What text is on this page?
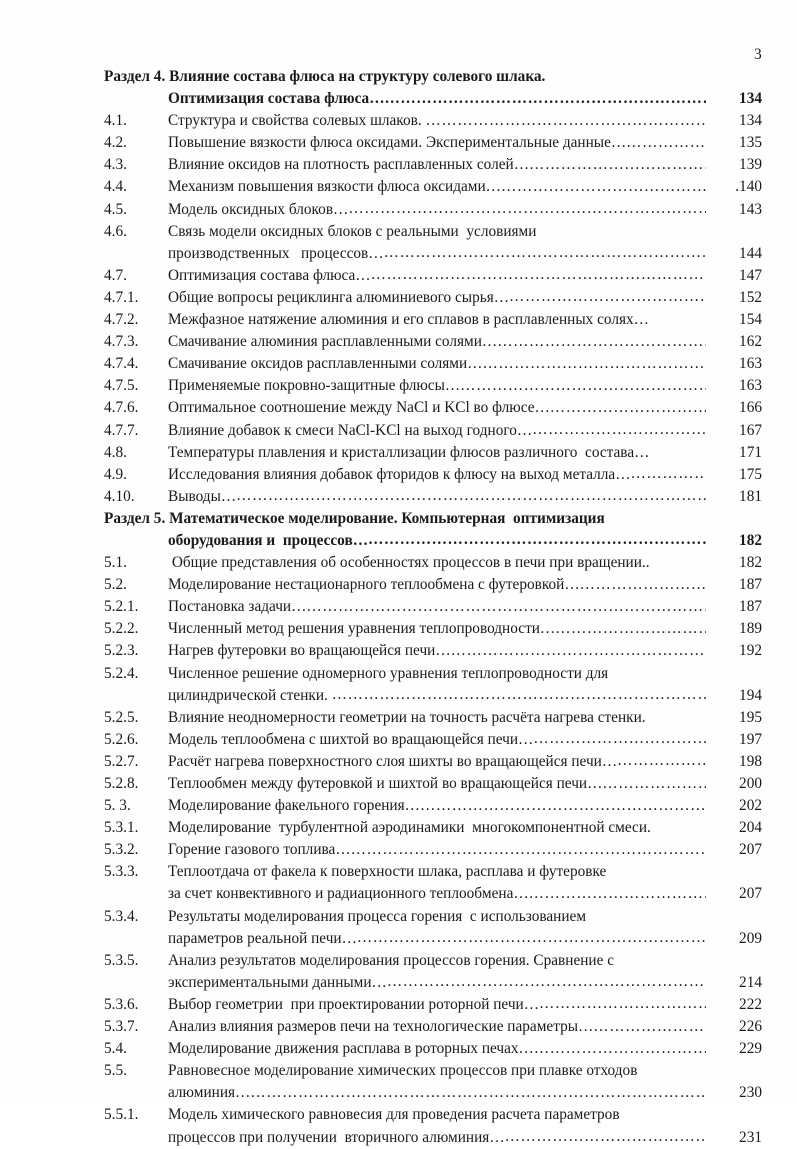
3
Раздел 4. Влияние состава флюса на структуру солевого шлака.
Оптимизация состава флюса… …………………………………………………………………………………………………………………………	134
4.1.	Структура и свойства солевых шлаков. …………………………………………………………………………………………………………………………	134
4.2.	Повышение вязкости флюса оксидами. Экспериментальные данные… …………………………………………………………………………………………………………………………	135
4.3.	Влияние оксидов на плотность расплавленных солей… …………………………………………………………………………………………………………………………	139
4.4.	Механизм повышения вязкости флюса оксидами… …………………………………………………………………………………………………………………………	.140
4.5.	Модель оксидных блоков… …………………………………………………………………………………………………………………………	143
4.6.	Связь модели оксидных блоков с реальными  условиями
производственных   процессов… …………………………………………………………………………………………………………………………	144
4.7.	Оптимизация состава флюса… …………………………………………………………………………………………………………………………	147
4.7.1.	Общие вопросы рециклинга алюминиевого сырья… …………………………………………………………………………………………………………………………	152
4.7.2.	Межфазное натяжение алюминия и его сплавов в расплавленных солях…	154
4.7.3.	Смачивание алюминия расплавленными солями… …………………………………………………………………………………………………………………………	162
4.7.4.	Смачивание оксидов расплавленными солями… …………………………………………………………………………………………………………………………	163
4.7.5.	Применяемые покровно-защитные флюсы… …………………………………………………………………………………………………………………………	163
4.7.6.	Оптимальное соотношение между NaCl и KCl во флюсе… …………………………………………………………………………………………………………………………	166
4.7.7.	Влияние добавок к смеси NaCl-KCl на выход годного… …………………………………………………………………………………………………………………………	167
4.8.	Температуры плавления и кристаллизации флюсов различного  состава…	171
4.9.	Исследования влияния добавок фторидов к флюсу на выход металла… …………………………………………………………………………………………………………………………	175
4.10.	Выводы… …………………………………………………………………………………………………………………………	181
Раздел 5. Математическое моделирование. Компьютерная  оптимизация
оборудования и  процессов… …………………………………………………………………………………………………………………………	182
5.1.	Общие представления об особенностях процессов в печи при вращении..	182
5.2.	Моделирование нестационарного теплообмена с футеровкой… …………………………………………………………………………………………………………………………	187
5.2.1.	Постановка задачи… …………………………………………………………………………………………………………………………	187
5.2.2.	Численный метод решения уравнения теплопроводности… …………………………………………………………………………………………………………………………	189
5.2.3.	Нагрев футеровки во вращающейся печи… …………………………………………………………………………………………………………………………	192
5.2.4.	Численное решение одномерного уравнения теплопроводности для
цилиндрической стенки. …………………………………………………………………………………………………………………………	194
5.2.5.	Влияние неодномерности геометрии на точность расчёта нагрева стенки.	195
5.2.6.	Модель теплообмена с шихтой во вращающейся печи… …………………………………………………………………………………………………………………………	197
5.2.7.	Расчёт нагрева поверхностного слоя шихты во вращающейся печи… …………………………………………………………………………………………………………………………	198
5.2.8.	Теплообмен между футеровкой и шихтой во вращающейся печи… …………………………………………………………………………………………………………………………	200
5. 3.	Моделирование факельного горения… …………………………………………………………………………………………………………………………	202
5.3.1.	Моделирование  турбулентной аэродинамики  многокомпонентной смеси.	204
5.3.2.	Горение газового топлива… …………………………………………………………………………………………………………………………	207
5.3.3.	Теплоотдача от факела к поверхности шлака, расплава и футеровке
за счет конвективного и радиационного теплообмена… …………………………………………………………………………………………………………………………	207
5.3.4.	Результаты моделирования процесса горения  с использованием
параметров реальной печи… …………………………………………………………………………………………………………………………	209
5.3.5.	Анализ результатов моделирования процессов горения. Сравнение с
экспериментальными данными… …………………………………………………………………………………………………………………………	214
5.3.6.	Выбор геометрии  при проектировании роторной печи… …………………………………………………………………………………………………………………………	222
5.3.7.	Анализ влияния размеров печи на технологические параметры… …………………………………………………………………………………………………………………………	226
5.4.	Моделирование движения расплава в роторных печах… …………………………………………………………………………………………………………………………	229
5.5.	Равновесное моделирование химических процессов при плавке отходов
алюминия… …………………………………………………………………………………………………………………………	230
5.5.1.	Модель химического равновесия для проведения расчета параметров
процессов при получении  вторичного алюминия… …………………………………………………………………………………………………………………………	231
